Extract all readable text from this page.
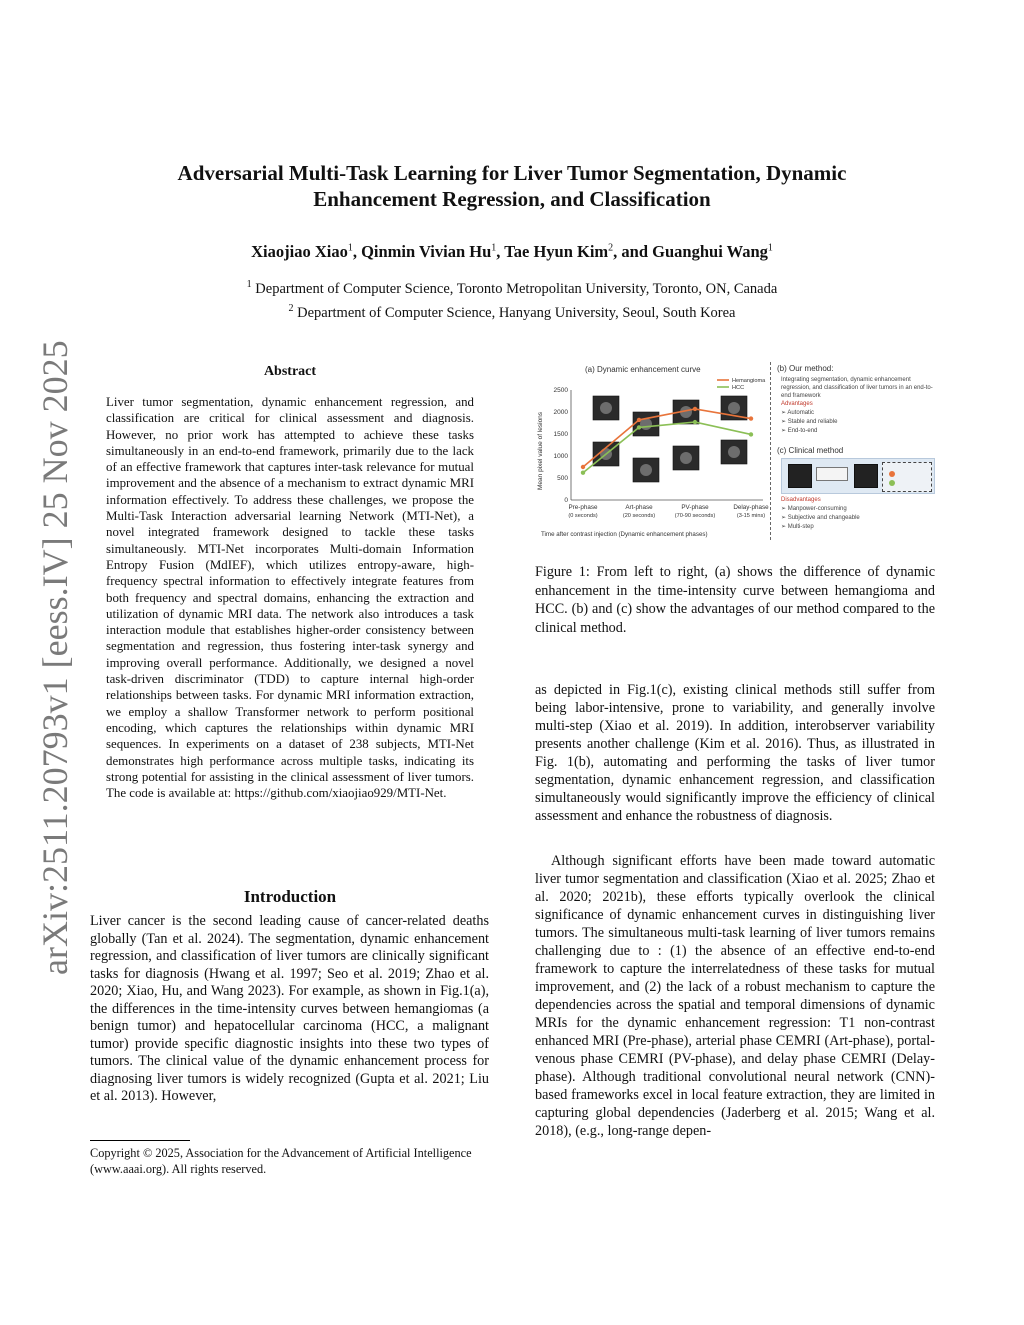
arXiv:2511.20793v1 [eess.IV] 25 Nov 2025
Adversarial Multi-Task Learning for Liver Tumor Segmentation, Dynamic
Enhancement Regression, and Classification
Xiaojiao Xiao$^1$, Qinmin Vivian Hu$^1$, Tae Hyun Kim$^2$, and Guanghui Wang$^1$
$^1$ Department of Computer Science, Toronto Metropolitan University, Toronto, ON, Canada
$^2$ Department of Computer Science, Hanyang University, Seoul, South Korea
Abstract
Liver tumor segmentation, dynamic enhancement regression, and classification are critical for clinical assessment and diagnosis. However, no prior work has attempted to achieve these tasks simultaneously in an end-to-end framework, primarily due to the lack of an effective framework that captures inter-task relevance for mutual improvement and the absence of a mechanism to extract dynamic MRI information effectively. To address these challenges, we propose the Multi-Task Interaction adversarial learning Network (MTI-Net), a novel integrated framework designed to tackle these tasks simultaneously. MTI-Net incorporates Multi-domain Information Entropy Fusion (MdIEF), which utilizes entropy-aware, high-frequency spectral information to effectively integrate features from both frequency and spectral domains, enhancing the extraction and utilization of dynamic MRI data. The network also introduces a task interaction module that establishes higher-order consistency between segmentation and regression, thus fostering inter-task synergy and improving overall performance. Additionally, we designed a novel task-driven discriminator (TDD) to capture internal high-order relationships between tasks. For dynamic MRI information extraction, we employ a shallow Transformer network to perform positional encoding, which captures the relationships within dynamic MRI sequences. In experiments on a dataset of 238 subjects, MTI-Net demonstrates high performance across multiple tasks, indicating its strong potential for assisting in the clinical assessment of liver tumors. The code is available at: https://github.com/xiaojiao929/MTI-Net.
Introduction
Liver cancer is the second leading cause of cancer-related deaths globally (Tan et al. 2024). The segmentation, dynamic enhancement regression, and classification of liver tumors are clinically significant tasks for diagnosis (Hwang et al. 1997; Seo et al. 2019; Zhao et al. 2020; Xiao, Hu, and Wang 2023). For example, as shown in Fig.1(a), the differences in the time-intensity curves between hemangiomas (a benign tumor) and hepatocellular carcinoma (HCC, a malignant tumor) provide specific diagnostic insights into these two types of tumors. The clinical value of the dynamic enhancement process for diagnosing liver tumors is widely recognized (Gupta et al. 2021; Liu et al. 2013). However,
Copyright © 2025, Association for the Advancement of Artificial Intelligence (www.aaai.org). All rights reserved.
(a) Dynamic enhancement curve
Mean pixel value of lesions
Time after contrast injection (Dynamic enhancement phases)
0
500
1000
1500
2000
2500
Pre-phase
(0 seconds)
Art-phase
(20 seconds)
PV-phase
(70-90 seconds)
Delay-phase
(3-15 mins)
Hemangioma
HCC
(b) Our method:
Integrating segmentation, dynamic enhancement regression, and classification of liver tumors in an end-to-end framework
Advantages
➢ Automatic
➢ Stable and reliable
➢ End-to-end
(c) Clinical method
Disadvantages
➢ Manpower-consuming
➢ Subjective and changeable
➢ Multi-step
Figure 1: From left to right, (a) shows the difference of dynamic enhancement in the time-intensity curve between hemangioma and HCC. (b) and (c) show the advantages of our method compared to the clinical method.
as depicted in Fig.1(c), existing clinical methods still suffer from being labor-intensive, prone to variability, and generally involve multi-step (Xiao et al. 2019). In addition, interobserver variability presents another challenge (Kim et al. 2016). Thus, as illustrated in Fig. 1(b), automating and performing the tasks of liver tumor segmentation, dynamic enhancement regression, and classification simultaneously would significantly improve the efficiency of clinical assessment and enhance the robustness of diagnosis.
Although significant efforts have been made toward automatic liver tumor segmentation and classification (Xiao et al. 2025; Zhao et al. 2020; 2021b), these efforts typically overlook the clinical significance of dynamic enhancement curves in distinguishing liver tumors. The simultaneous multi-task learning of liver tumors remains challenging due to : (1) the absence of an effective end-to-end framework to capture the interrelatedness of these tasks for mutual improvement, and (2) the lack of a robust mechanism to capture the dependencies across the spatial and temporal dimensions of dynamic MRIs for the dynamic enhancement regression: T1 non-contrast enhanced MRI (Pre-phase), arterial phase CEMRI (Art-phase), portal-venous phase CEMRI (PV-phase), and delay phase CEMRI (Delay-phase). Although traditional convolutional neural network (CNN)-based frameworks excel in local feature extraction, they are limited in capturing global dependencies (Jaderberg et al. 2015; Wang et al. 2018), (e.g., long-range depen-
